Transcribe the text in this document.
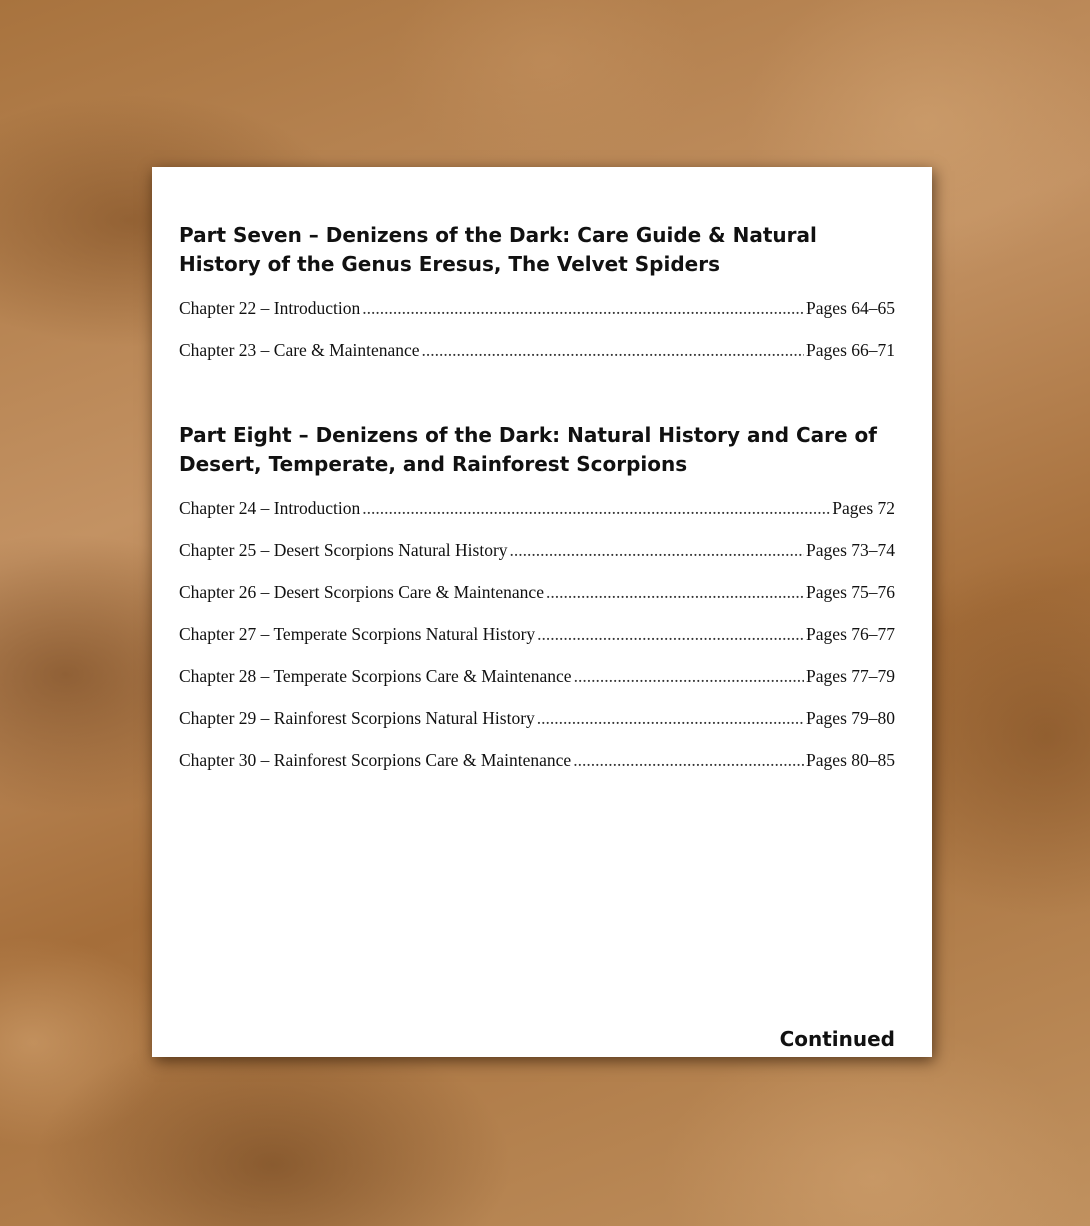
Part Seven – Denizens of the Dark: Care Guide & Natural History of the Genus Eresus, The Velvet Spiders
Chapter 22 – Introduction .....	Pages 64–65
Chapter 23 – Care & Maintenance .....	Pages 66–71
Part Eight – Denizens of the Dark: Natural History and Care of Desert, Temperate, and Rainforest Scorpions
Chapter 24 – Introduction .....	Pages 72
Chapter 25 – Desert Scorpions Natural History .....	Pages 73–74
Chapter 26 – Desert Scorpions Care & Maintenance .....	Pages 75–76
Chapter 27 – Temperate Scorpions Natural History .....	Pages 76–77
Chapter 28 – Temperate Scorpions Care & Maintenance .....	Pages 77–79
Chapter 29 – Rainforest Scorpions Natural History .....	Pages 79–80
Chapter 30 – Rainforest Scorpions Care & Maintenance .....	Pages 80–85
Continued
